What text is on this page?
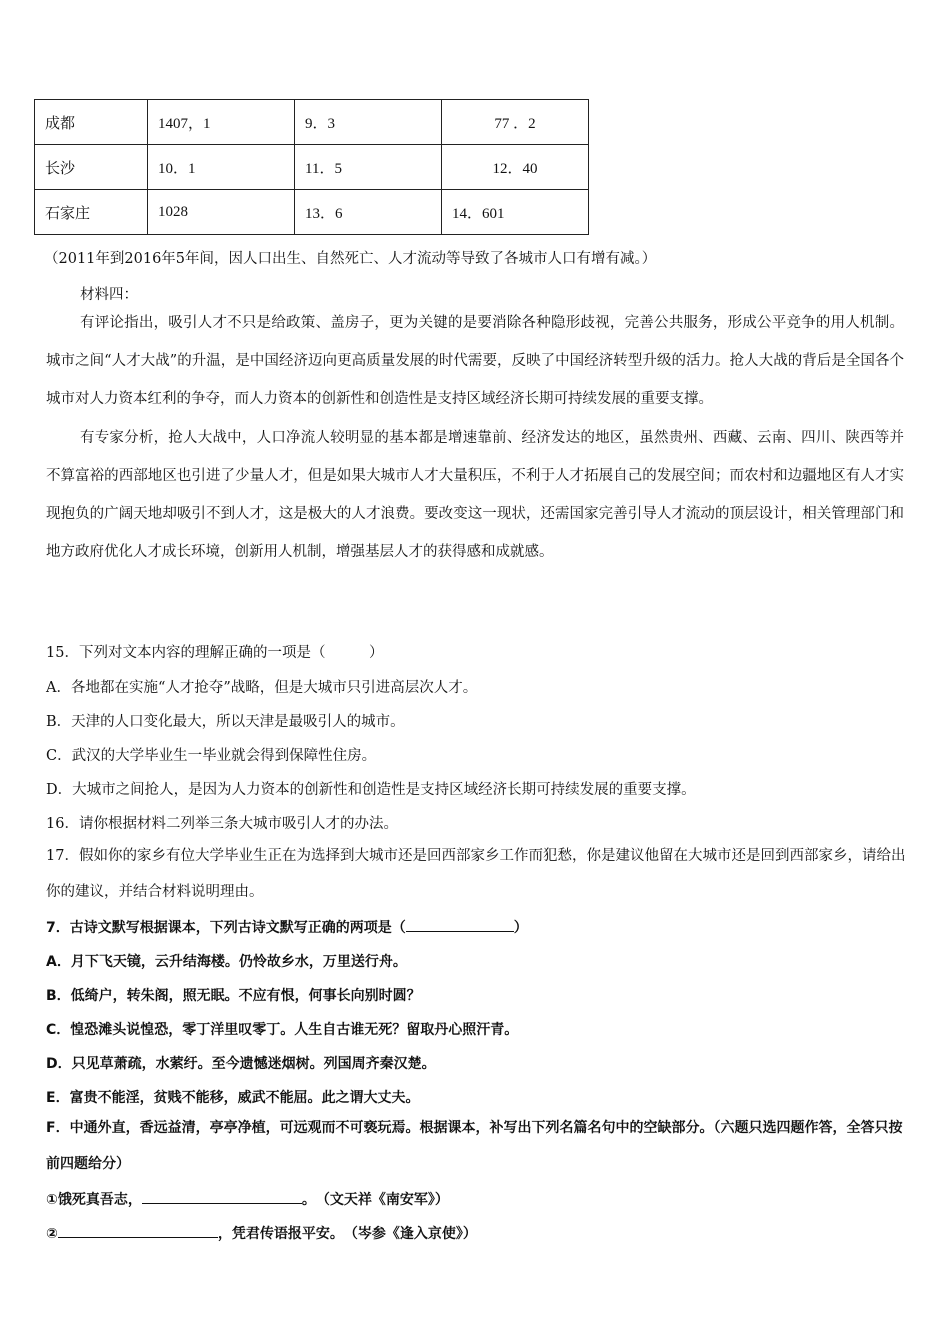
成都	1407，1	9．3	77 ．2
长沙	10．1	11．5	12．40
石家庄	1028	13．6	14．601
（2011年到2016年5年间，因人口出生、自然死亡、人才流动等导致了各城市人口有增有减。）
材料四：

有评论指出，吸引人才不只是给政策、盖房子，更为关键的是要消除各种隐形歧视，完善公共服务，形成公平竞争的用人机制。城市之间“人才大战”的升温，是中国经济迈向更高质量发展的时代需要，反映了中国经济转型升级的活力。抢人大战的背后是全国各个城市对人力资本红利的争夺，而人力资本的创新性和创造性是支持区域经济长期可持续发展的重要支撑。

有专家分析，抢人大战中，人口净流人较明显的基本都是增速靠前、经济发达的地区，虽然贵州、西藏、云南、四川、陕西等并不算富裕的西部地区也引进了少量人才，但是如果大城市人才大量积压，不利于人才拓展自己的发展空间；而农村和边疆地区有人才实现抱负的广阔天地却吸引不到人才，这是极大的人才浪费。要改变这一现状，还需国家完善引导人才流动的顶层设计，相关管理部门和地方政府优化人才成长环境，创新用人机制，增强基层人才的获得感和成就感。

15．下列对文本内容的理解正确的一项是（　　　）

A．各地都在实施“人才抢夺”战略，但是大城市只引进高层次人才。

B．天津的人口变化最大，所以天津是最吸引人的城市。

C．武汉的大学毕业生一毕业就会得到保障性住房。

D．大城市之间抢人，是因为人力资本的创新性和创造性是支持区域经济长期可持续发展的重要支撑。

16．请你根据材料二列举三条大城市吸引人才的办法。

17．假如你的家乡有位大学毕业生正在为选择到大城市还是回西部家乡工作而犯愁，你是建议他留在大城市还是回到西部家乡，请给出你的建议，并结合材料说明理由。

7．古诗文默写根据课本，下列古诗文默写正确的两项是（	）

A．月下飞天镜，云升结海楼。仍怜故乡水，万里送行舟。

B．低绮户，转朱阁，照无眠。不应有恨，何事长向别时圆？

C．惶恐滩头说惶恐，零丁洋里叹零丁。人生自古谁无死？留取丹心照汗青。

D．只见草萧疏，水萦纡。至今遗憾迷烟树。列国周齐秦汉楚。

E．富贵不能淫，贫贱不能移，威武不能屈。此之谓大丈夫。

F．中通外直，香远益清，亭亭净植，可远观而不可亵玩焉。根据课本，补写出下列名篇名句中的空缺部分。（六题只选四题作答，全答只按前四题给分）

①饿死真吾志，	。　（文天祥《南安军》）

②	，凭君传语报平安。　（岑参《逢入京使》）
